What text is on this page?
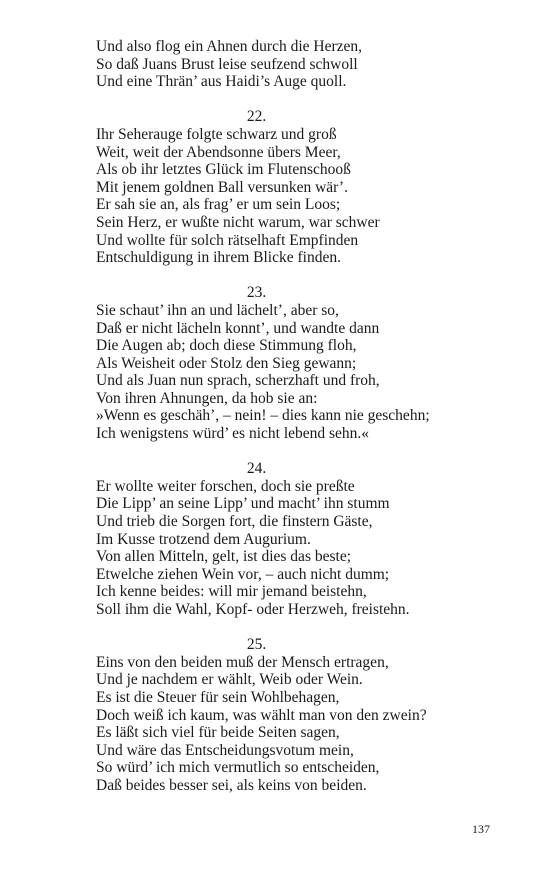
Und also flog ein Ahnen durch die Herzen,
So daß Juans Brust leise seufzend schwoll
Und eine Thrän’ aus Haidi’s Auge quoll.
22.
Ihr Seherauge folgte schwarz und groß
Weit, weit der Abendsonne übers Meer,
Als ob ihr letztes Glück im Flutenschooß
Mit jenem goldnen Ball versunken wär’.
Er sah sie an, als frag’ er um sein Loos;
Sein Herz, er wußte nicht warum, war schwer
Und wollte für solch rätselhaft Empfinden
Entschuldigung in ihrem Blicke finden.
23.
Sie schaut’ ihn an und lächelt’, aber so,
Daß er nicht lächeln konnt’, und wandte dann
Die Augen ab; doch diese Stimmung floh,
Als Weisheit oder Stolz den Sieg gewann;
Und als Juan nun sprach, scherzhaft und froh,
Von ihren Ahnungen, da hob sie an:
»Wenn es geschäh’, – nein! – dies kann nie geschehn;
Ich wenigstens würd’ es nicht lebend sehn.«
24.
Er wollte weiter forschen, doch sie preßte
Die Lipp’ an seine Lipp’ und macht’ ihn stumm
Und trieb die Sorgen fort, die finstern Gäste,
Im Kusse trotzend dem Augurium.
Von allen Mitteln, gelt, ist dies das beste;
Etwelche ziehen Wein vor, – auch nicht dumm;
Ich kenne beides: will mir jemand beistehn,
Soll ihm die Wahl, Kopf- oder Herzweh, freistehn.
25.
Eins von den beiden muß der Mensch ertragen,
Und je nachdem er wählt, Weib oder Wein.
Es ist die Steuer für sein Wohlbehagen,
Doch weiß ich kaum, was wählt man von den zwein?
Es läßt sich viel für beide Seiten sagen,
Und wäre das Entscheidungsvotum mein,
So würd’ ich mich vermutlich so entscheiden,
Daß beides besser sei, als keins von beiden.
137
